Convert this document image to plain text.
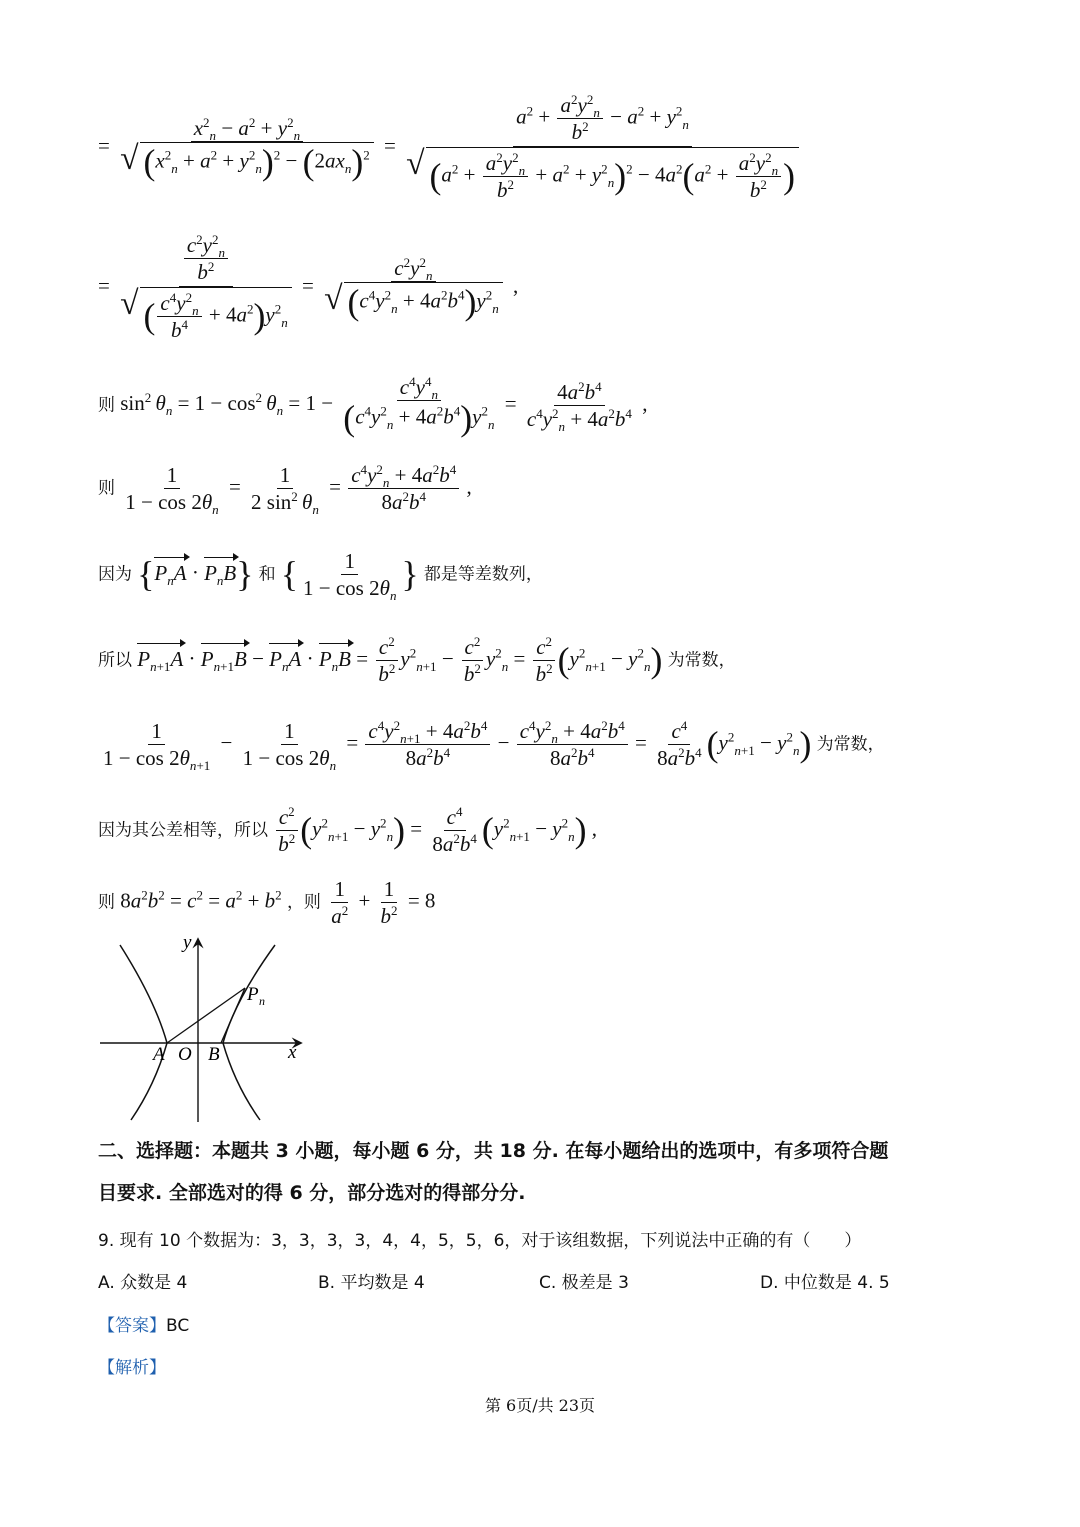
= $\frac{x^2_n - a^2 + y^2_n}{√ (x^2_n + a^2 + y^2_n)^2 - (2ax_n)^2} = \frac{a^2 + \frac{a^2y^2_n}{b^2} - a^2 + y^2_n}{√ (a^2 + \frac{a^2y^2_n}{b^2} + a^2 + y^2_n)^2 - 4a^2(a^2 + \frac{a^2y^2_n}{b^2} )}$
= $\frac{\frac{c^2y^2_n}{b^2}}{√ ( \frac{c^4y^2_n}{b^4} + 4a^2)y^2_n} = \frac{c^2y^2_n}{√ (c^4y^2_n + 4a^2b^4)y^2_n}$ ,
则 $\sin^2 \theta_n = 1 - \cos^2 \theta_n = 1 - \frac{c^4y^4_n}{(c^4y^2_n + 4a^2b^4)y^2_n} = \frac{4a^2b^4}{c^4y^2_n + 4a^2b^4}$ ,
则 $\frac{1}{1 - \cos 2\theta_n} = \frac{1}{2 \sin^2 \theta_n} = \frac{c^4y^2_n + 4a^2b^4}{8a^2b^4}$ ,
因为 $\{P_nA \cdot P_nB\}$ 和 { $\frac{1}{1 - \cos 2\theta_n}$ } 都是等差数列，
所以 $P_{n+1}A \cdot P_{n+1}B - P_nA \cdot P_nB = \frac{c^2}{b^2} y^2_{n+1} - \frac{c^2}{b^2} y^2_n = \frac{c^2}{b^2} (y^2_{n+1} - y^2_n)$ 为常数，
$\frac{1}{1 - \cos 2\theta_{n+1}} - \frac{1}{1 - \cos 2\theta_n} = \frac{c^4y^2_{n+1} + 4a^2b^4}{8a^2b^4} - \frac{c^4y^2_n + 4a^2b^4}{8a^2b^4} = \frac{c^4}{8a^2b^4} (y^2_{n+1} - y^2_n)$ 为常数，
因为其公差相等，所以 $\frac{c^2}{b^2} (y^2_{n+1} - y^2_n) = \frac{c^4}{8a^2b^4} (y^2_{n+1} - y^2_n)$ ,
则 $8a^2b^2 = c^2 = a^2 + b^2$ ，则 $\frac{1}{a^2} + \frac{1}{b^2} = 8$
y
x
P n
A O B
二、选择题：本题共 3 小题，每小题 6 分，共 18 分. 在每小题给出的选项中，有多项符合题
目要求. 全部选对的得 6 分，部分选对的得部分分.
9. 现有 10 个数据为：3，3，3，3，4，4，5，5，6，对于该组数据，下列说法中正确的有（　　）
A. 众数是 4	B. 平均数是 4	C. 极差是 3	D. 中位数是 4. 5
【答案】BC
【解析】
第 6页/共 23页
